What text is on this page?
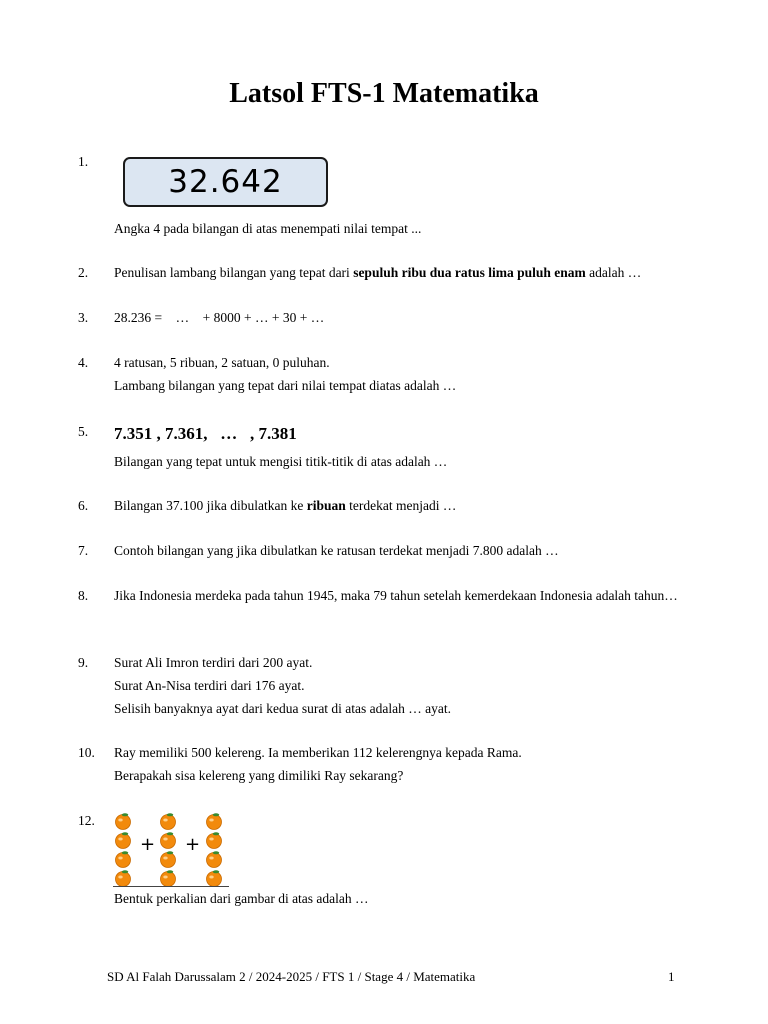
Latsol FTS-1 Matematika
1.
32.642
Angka 4 pada bilangan di atas menempati nilai tempat ...
2. Penulisan lambang bilangan yang tepat dari sepuluh ribu dua ratus lima puluh enam adalah …
3. 28.236 =    …    + 8000 + … + 30 + …
4. 4 ratusan, 5 ribuan, 2 satuan, 0 puluhan.
Lambang bilangan yang tepat dari nilai tempat diatas adalah …
5. 7.351 , 7.361,   …   , 7.381
Bilangan yang tepat untuk mengisi titik-titik di atas adalah …
6. Bilangan 37.100 jika dibulatkan ke ribuan terdekat menjadi …
7. Contoh bilangan yang jika dibulatkan ke ratusan terdekat menjadi 7.800 adalah …
8. Jika Indonesia merdeka pada tahun 1945, maka 79 tahun setelah kemerdekaan Indonesia adalah tahun…
9. Surat Ali Imron terdiri dari 200 ayat.
Surat An-Nisa terdiri dari 176 ayat.
Selisih banyaknya ayat dari kedua surat di atas adalah … ayat.
10. Ray memiliki 500 kelereng. Ia memberikan 112 kelerengnya kepada Rama.
Berapakah sisa kelereng yang dimiliki Ray sekarang?
12.
+ +
Bentuk perkalian dari gambar di atas adalah …
SD Al Falah Darussalam 2 / 2024-2025 / FTS 1 / Stage 4 / Matematika	1
